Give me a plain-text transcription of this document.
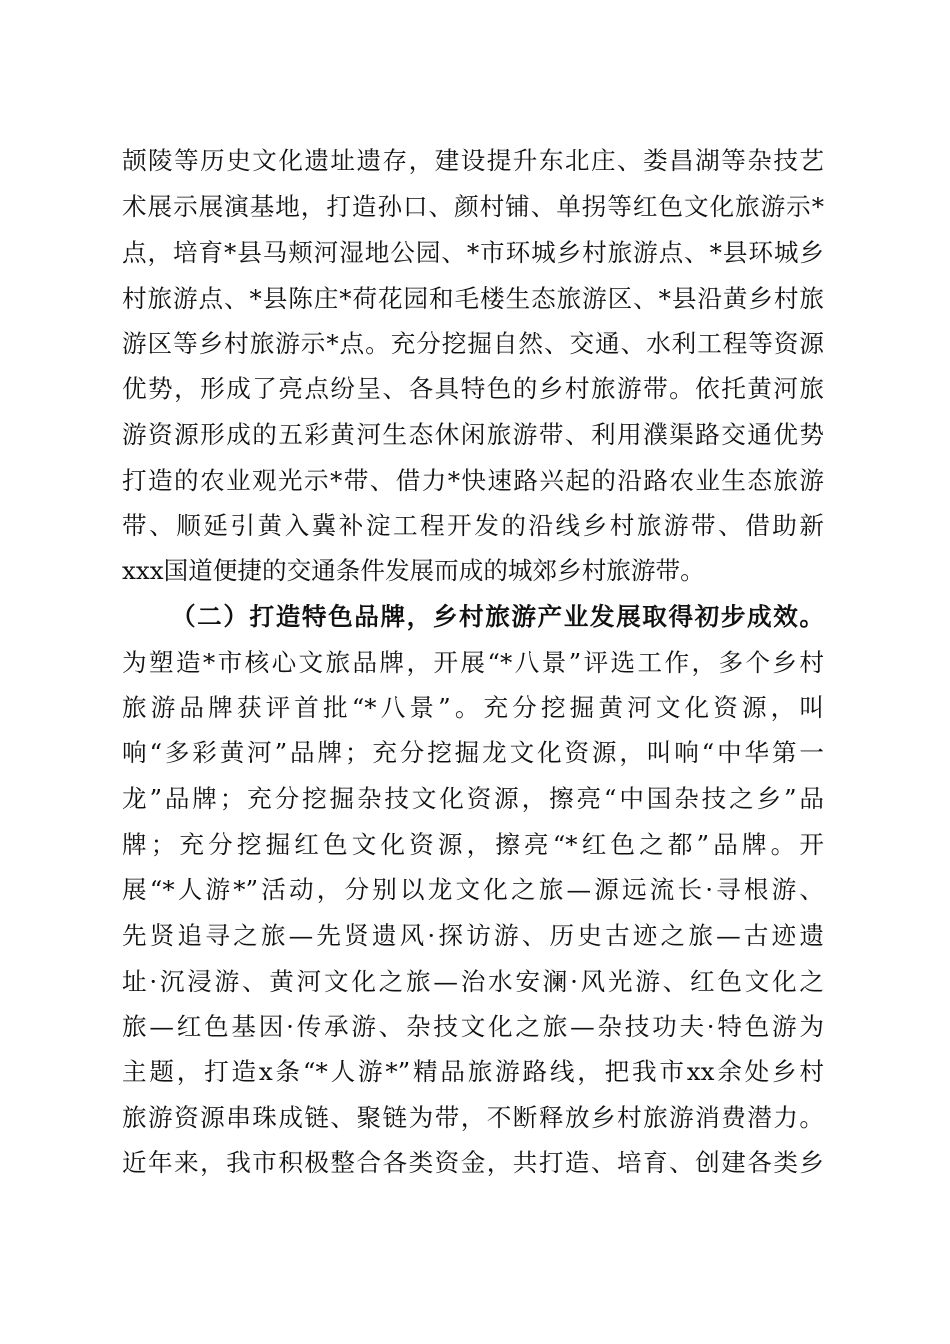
颉陵等历史文化遗址遗存，建设提升东北庄、娄昌湖等杂技艺
术展示展演基地，打造孙口、颜村铺、单拐等红色文化旅游示*
点，培育*县马颊河湿地公园、*市环城乡村旅游点、*县环城乡
村旅游点、*县陈庄*荷花园和毛楼生态旅游区、*县沿黄乡村旅
游区等乡村旅游示*点。充分挖掘自然、交通、水利工程等资源
优势，形成了亮点纷呈、各具特色的乡村旅游带。依托黄河旅
游资源形成的五彩黄河生态休闲旅游带、利用濮渠路交通优势
打造的农业观光示*带、借力*快速路兴起的沿路农业生态旅游
带、顺延引黄入冀补淀工程开发的沿线乡村旅游带、借助新
xxx国道便捷的交通条件发展而成的城郊乡村旅游带。
（二）打造特色品牌，乡村旅游产业发展取得初步成效。
为塑造*市核心文旅品牌，开展“*八景”评选工作，多个乡村
旅游品牌获评首批“*八景”。充分挖掘黄河文化资源，叫
响“多彩黄河”品牌；充分挖掘龙文化资源，叫响“中华第一
龙”品牌；充分挖掘杂技文化资源，擦亮“中国杂技之乡”品
牌；充分挖掘红色文化资源，擦亮“*红色之都”品牌。开
展“*人游*”活动，分别以龙文化之旅—源远流长·寻根游、
先贤追寻之旅—先贤遗风·探访游、历史古迹之旅—古迹遗
址·沉浸游、黄河文化之旅—治水安澜·风光游、红色文化之
旅—红色基因·传承游、杂技文化之旅—杂技功夫·特色游为
主题，打造x条“*人游*”精品旅游路线，把我市xx余处乡村
旅游资源串珠成链、聚链为带，不断释放乡村旅游消费潜力。
近年来，我市积极整合各类资金，共打造、培育、创建各类乡
